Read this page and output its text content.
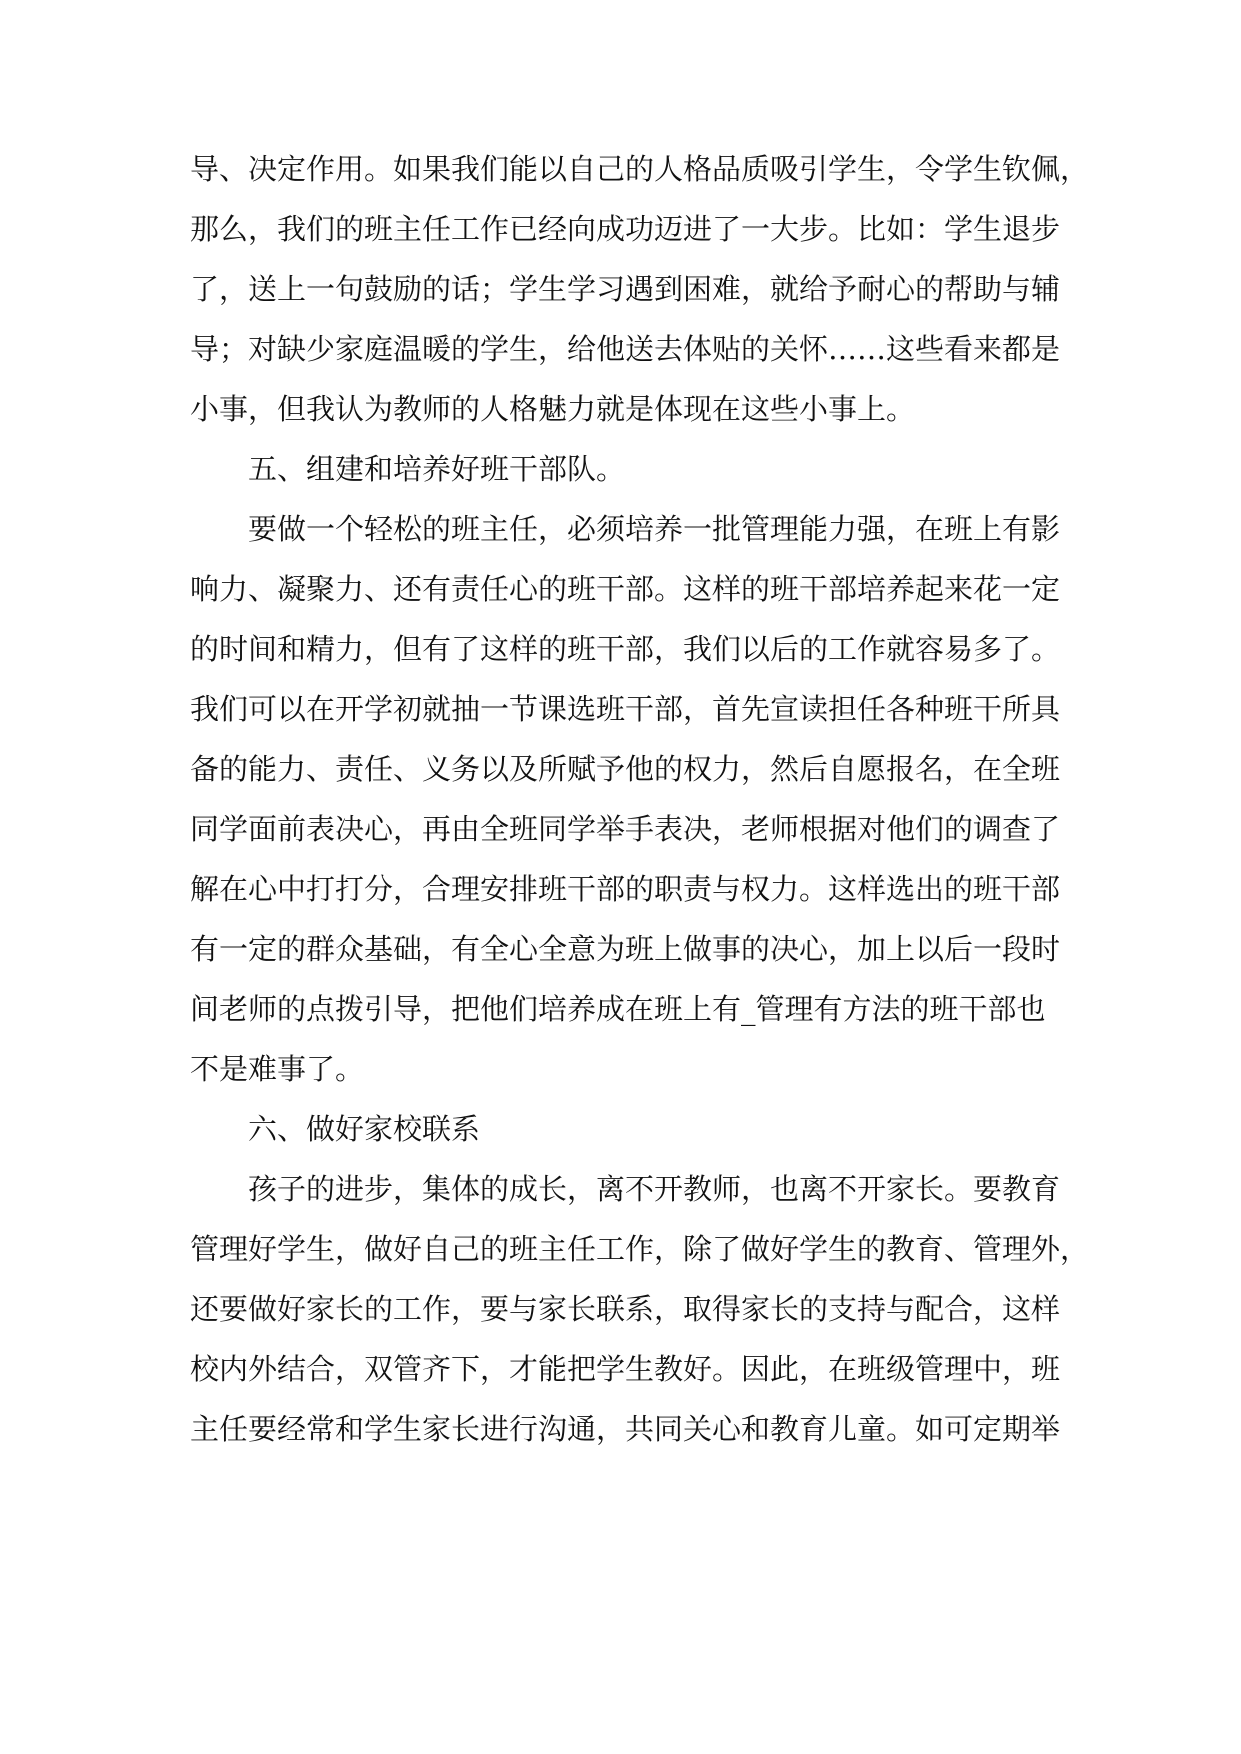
导、决定作用。如果我们能以自己的人格品质吸引学生，令学生钦佩，
那么，我们的班主任工作已经向成功迈进了一大步。比如：学生退步
了，送上一句鼓励的话；学生学习遇到困难，就给予耐心的帮助与辅
导；对缺少家庭温暖的学生，给他送去体贴的关怀……这些看来都是
小事，但我认为教师的人格魅力就是体现在这些小事上。
五、组建和培养好班干部队。
要做一个轻松的班主任，必须培养一批管理能力强，在班上有影
响力、凝聚力、还有责任心的班干部。这样的班干部培养起来花一定
的时间和精力，但有了这样的班干部，我们以后的工作就容易多了。
我们可以在开学初就抽一节课选班干部，首先宣读担任各种班干所具
备的能力、责任、义务以及所赋予他的权力，然后自愿报名，在全班
同学面前表决心，再由全班同学举手表决，老师根据对他们的调查了
解在心中打打分，合理安排班干部的职责与权力。这样选出的班干部
有一定的群众基础，有全心全意为班上做事的决心，加上以后一段时
间老师的点拨引导，把他们培养成在班上有_管理有方法的班干部也
不是难事了。
六、做好家校联系
孩子的进步，集体的成长，离不开教师，也离不开家长。要教育
管理好学生，做好自己的班主任工作，除了做好学生的教育、管理外，
还要做好家长的工作，要与家长联系，取得家长的支持与配合，这样
校内外结合，双管齐下，才能把学生教好。因此，在班级管理中，班
主任要经常和学生家长进行沟通，共同关心和教育儿童。如可定期举
